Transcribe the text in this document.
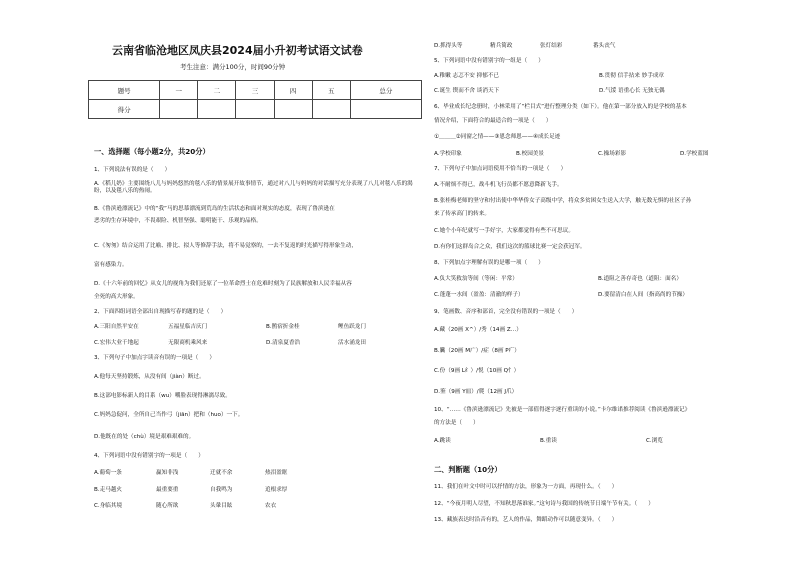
云南省临沧地区凤庆县2024届小升初考试语文试卷
考生注意：满分100分，时间90分钟
题号	一	二	三	四	五	总分
得分						
一、选择题（每小题2分，共20分）
1、下列说法有误的是（　　）
A.《稻儿奶》主要围绕八儿与妈妈悠然的毯八乐的情景展开故事情节，通过对八儿与妈妈的对话描写充分表现了八儿对毯八乐的渴盼，以及毯八乐的热闹。
B.《鲁滨逊漂流记》中的“我”马的思慕漂流到荒岛的生活状态和面对现实的态度，表现了鲁滨逊在
恶劣的生存环境中，不畏艰险、机智坚强、聪明能干、乐观的品格。
C.《匆匆》结合运用了比喻、排比、拟人等修辞手法，将不易觉察的，一去不复返的时光描写得形象生动，
富有感染力。
D.《十六年前的回忆》从女儿的视角为我们还原了一位革命烈士在危难时刻为了民族解放和人民幸福从容
全死的高大形象。
2、下面四组词语全部出自现描写春的题的是（　　）
A.三阳自然平安在	五福星临吉庆门	B.鹊宿折金桂	鲤鱼跃龙门
C.宏伟大业千地起	无限商机乘风来	D.清泉夏香浩	活水涌龙田
3、下列句子中加点字读音有误的一项是（　　）
A.他每天坚持锻炼，从没有间（jiàn）断过。
B.这部电影标新人的目系（wu）嚼脸表现得淋漓尽致。
C.妈妈急促问，全所自己当作弓（jiān）把和（huo）一下。
D.他既在的处（chù）境是艰难艰难的。
4、下列词语中没有错别字的一项是（　　）
A.葡萄一条	赢知非浅	迁就不余	热泪盈眶
B.走马越火	最重要重	自我鸣为	追根求厚
C.身临其境	随心所欲	头暈目眩	农衣
D.抓得头等	精兵简政	张灯结彩	番头丧气
5、下列词语中没有错别字的一组是（　　）
A.稚嫩 志忑不安 抑郁不已	B.贯彻 信手拈来 妙手成章
C.诞生 锲而不舍 谈消天下	D.气馁 语重心长 无独无偶
6、毕业成长纪念册时，小林采用了“栏目式”进行整理分类（如下）。他在第一部分放入的是学校的基本
情况介绍，下面符合的最适合的一项是（　　）
①＿＿＿②同窗之情——③恩念师恩——④成长足迹
A.学校印象	B.校园美景	C.操场彩影	D.学校蓝图
7、下列句子中加点词语使用不恰当的一项是（　　）
A.不耐烦不得已，战斗机飞行员都不愿意降新飞手。
B.张桂梅老师的坚守和付出使中华华侨女子高级中学，将众多贫困女生送入大学，触无数无惧的社区子孙
来了传承高门的转来。
C.她个小年纪就写一手好字，大家都觉得有些不可思议。
D.有你们这群岛合之众，我们这次的篮球比赛一定会获冠军。
8、下列加点字理解有误的是哪一项（　　）
A.负大笑救翁等间（等闲：平常）	B.道阻之善存奇也（道阻：面名）
C.蓬蓬一水间（盈盈：清澈的样子）	D.要留清白在人间（指高尚的节操）
9、笔画数、音序和部首，完全没有错误的一项是（　　）
A.藏（20画 X^）/秀（14画 Z…）
B.臟（20画 M广）/症（8画 P疒）
C.份（9画 L纟）/悦（10画 Q忄）
D.鉴（9画 Y皿）/爬（12画 J爪）
10、“……《鲁滨逊漂流记》先被是一部值得逐字逐行重读的小说。”卡尔维诺推荐阅读《鲁滨逊漂流记》
的方法是（　　）
A.跳读	B.重读	C.浏览
二、判断题（10分）
11、我们在叶文中时可以抒情的方法，形象为一方面，再现什么。（　　）
12、“今夜月明人尽望，不知秋思落谁家。”这句诗与我国的传统节日端午节有关。（　　）
13、藏族表达时沿音有的，艺人的作品，舞蹈动作可以随意变异。（　　）
